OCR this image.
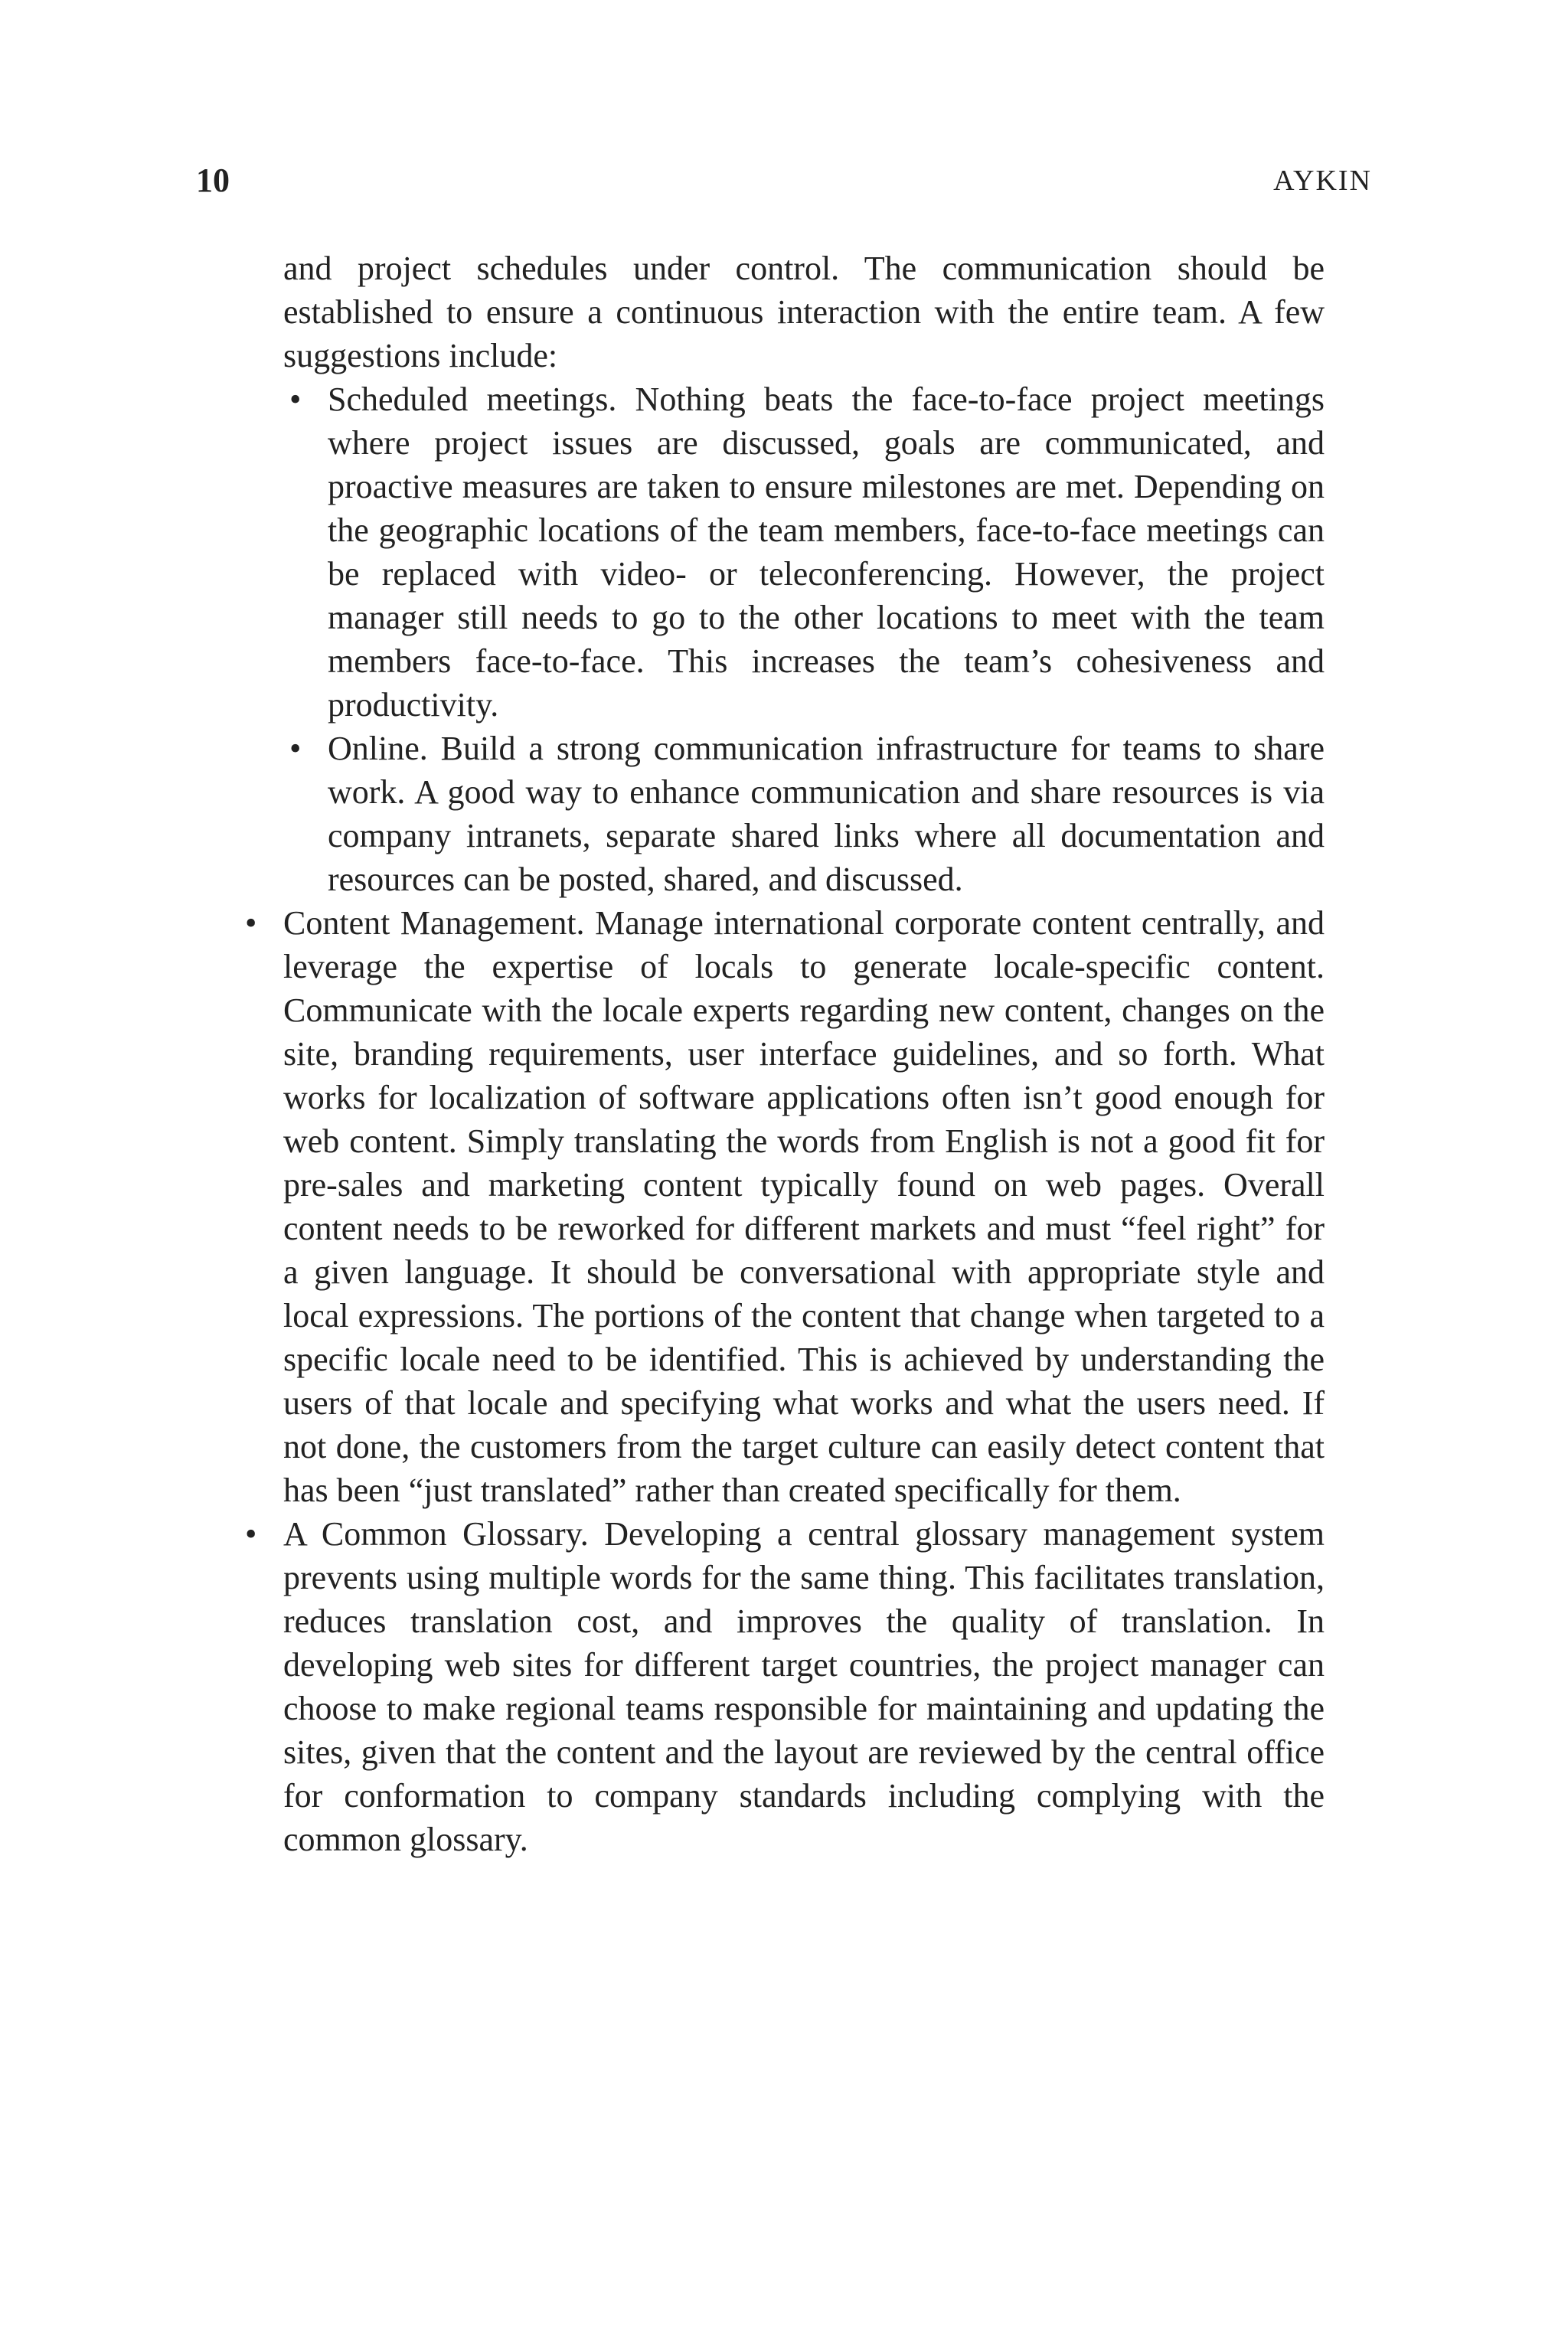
10	AYKIN

and project schedules under control. The communication should be established to ensure a continuous interaction with the entire team. A few suggestions include:

• Scheduled meetings. Nothing beats the face-to-face project meetings where project issues are discussed, goals are communicated, and proactive measures are taken to ensure milestones are met. Depending on the geographic locations of the team members, face-to-face meetings can be replaced with video- or teleconferencing. However, the project manager still needs to go to the other locations to meet with the team members face-to-face. This increases the team’s cohesiveness and productivity.
• Online. Build a strong communication infrastructure for teams to share work. A good way to enhance communication and share resources is via company intranets, separate shared links where all documentation and resources can be posted, shared, and discussed.
• Content Management. Manage international corporate content centrally, and leverage the expertise of locals to generate locale-specific content. Communicate with the locale experts regarding new content, changes on the site, branding requirements, user interface guidelines, and so forth. What works for localization of software applications often isn’t good enough for web content. Simply translating the words from English is not a good fit for pre-sales and marketing content typically found on web pages. Overall content needs to be reworked for different markets and must “feel right” for a given language. It should be conversational with appropriate style and local expressions. The portions of the content that change when targeted to a specific locale need to be identified. This is achieved by understanding the users of that locale and specifying what works and what the users need. If not done, the customers from the target culture can easily detect content that has been “just translated” rather than created specifically for them.
• A Common Glossary. Developing a central glossary management system prevents using multiple words for the same thing. This facilitates translation, reduces translation cost, and improves the quality of translation. In developing web sites for different target countries, the project manager can choose to make regional teams responsible for maintaining and updating the sites, given that the content and the layout are reviewed by the central office for conformation to company standards including complying with the common glossary.
